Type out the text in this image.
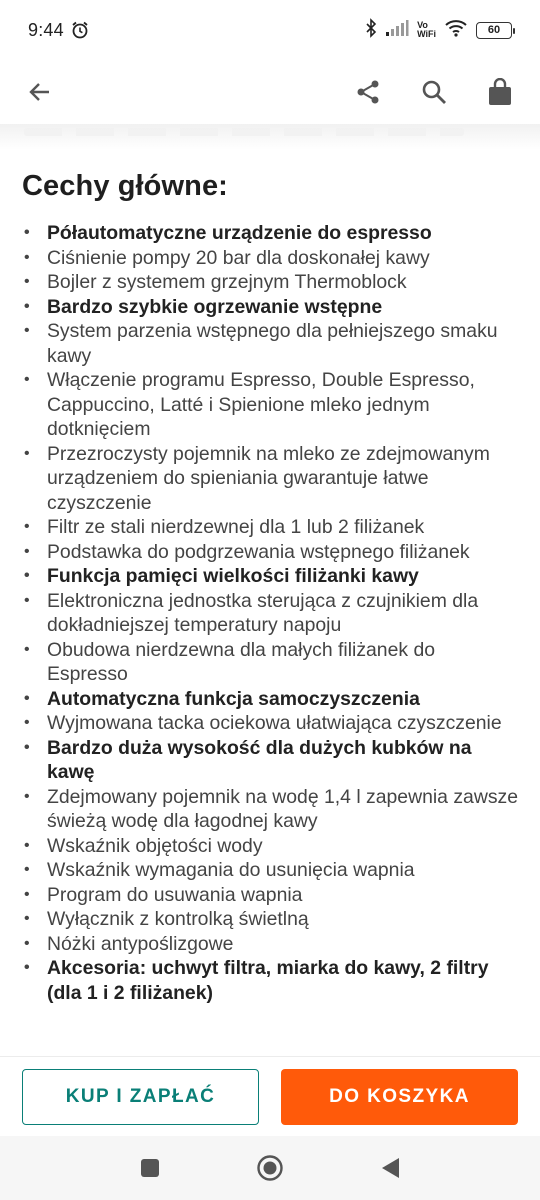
9:44	Vo
WiFi	60
Cechy główne:
• Półautomatyczne urządzenie do espresso
• Ciśnienie pompy 20 bar dla doskonałej kawy
• Bojler z systemem grzejnym Thermoblock
• Bardzo szybkie ogrzewanie wstępne
• System parzenia wstępnego dla pełniejszego smaku kawy
• Włączenie programu Espresso, Double Espresso, Cappuccino, Latté i Spienione mleko jednym dotknięciem
• Przezroczysty pojemnik na mleko ze zdejmowanym urządzeniem do spieniania gwarantuje łatwe czyszczenie
• Filtr ze stali nierdzewnej dla 1 lub 2 filiżanek
• Podstawka do podgrzewania wstępnego filiżanek
• Funkcja pamięci wielkości filiżanki kawy
• Elektroniczna jednostka sterująca z czujnikiem dla dokładniejszej temperatury napoju
• Obudowa nierdzewna dla małych filiżanek do Espresso
• Automatyczna funkcja samoczyszczenia
• Wyjmowana tacka ociekowa ułatwiająca czyszczenie
• Bardzo duża wysokość dla dużych kubków na kawę
• Zdejmowany pojemnik na wodę 1,4 l zapewnia zawsze świeżą wodę dla łagodnej kawy
• Wskaźnik objętości wody
• Wskaźnik wymagania do usunięcia wapnia
• Program do usuwania wapnia
• Wyłącznik z kontrolką świetlną
• Nóżki antypoślizgowe
• Akcesoria: uchwyt filtra, miarka do kawy, 2 filtry (dla 1 i 2 filiżanek)
KUP I ZAPŁAĆ	DO KOSZYKA
